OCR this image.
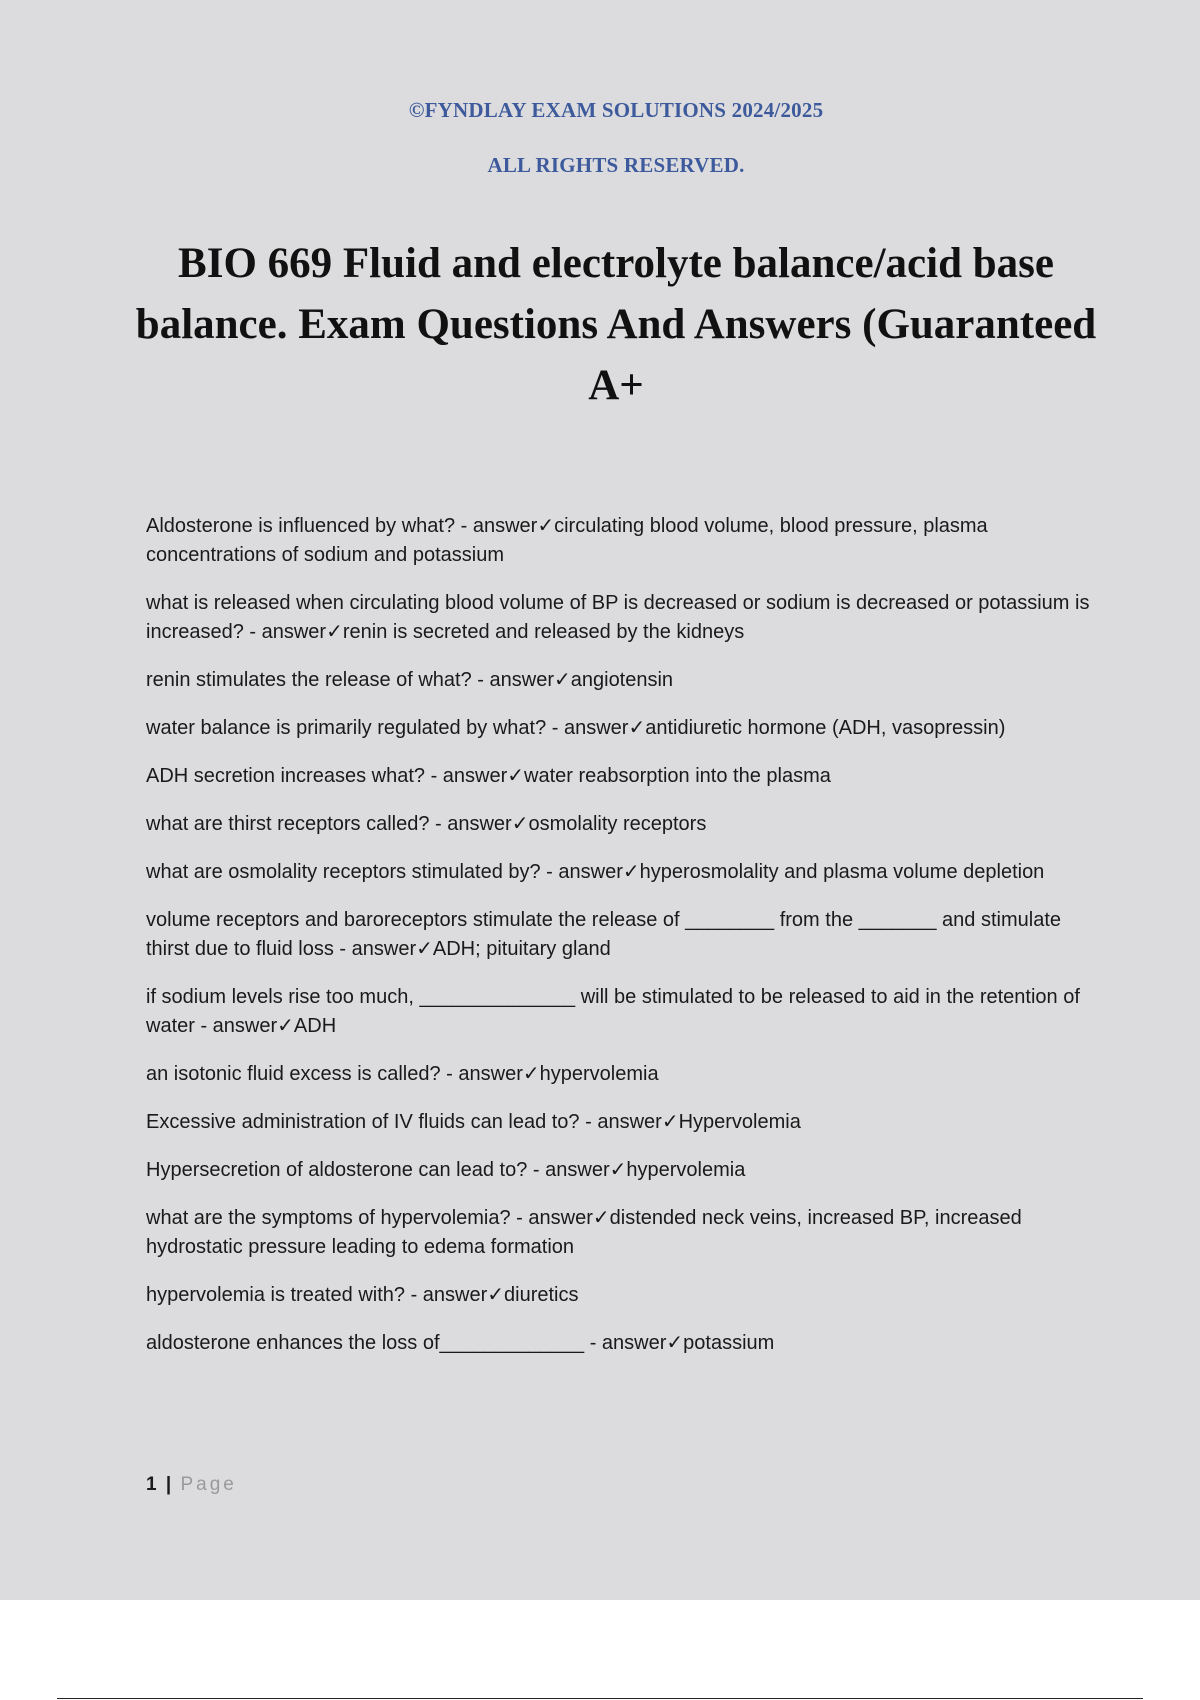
©FYNDLAY EXAM SOLUTIONS 2024/2025
ALL RIGHTS RESERVED.
BIO 669 Fluid and electrolyte balance/acid base balance. Exam Questions And Answers (Guaranteed A+

Aldosterone is influenced by what? - answer✓circulating blood volume, blood pressure, plasma concentrations of sodium and potassium

what is released when circulating blood volume of BP is decreased or sodium is decreased or potassium is increased? - answer✓renin is secreted and released by the kidneys

renin stimulates the release of what? - answer✓angiotensin

water balance is primarily regulated by what? - answer✓antidiuretic hormone (ADH, vasopressin)

ADH secretion increases what? - answer✓water reabsorption into the plasma

what are thirst receptors called? - answer✓osmolality receptors

what are osmolality receptors stimulated by? - answer✓hyperosmolality and plasma volume depletion

volume receptors and baroreceptors stimulate the release of ________ from the _______ and stimulate thirst due to fluid loss - answer✓ADH; pituitary gland

if sodium levels rise too much, ______________ will be stimulated to be released to aid in the retention of water - answer✓ADH

an isotonic fluid excess is called? - answer✓hypervolemia

Excessive administration of IV fluids can lead to? - answer✓Hypervolemia

Hypersecretion of aldosterone can lead to? - answer✓hypervolemia

what are the symptoms of hypervolemia? - answer✓distended neck veins, increased BP, increased hydrostatic pressure leading to edema formation

hypervolemia is treated with? - answer✓diuretics

aldosterone enhances the loss of_____________ - answer✓potassium

1 | Page
